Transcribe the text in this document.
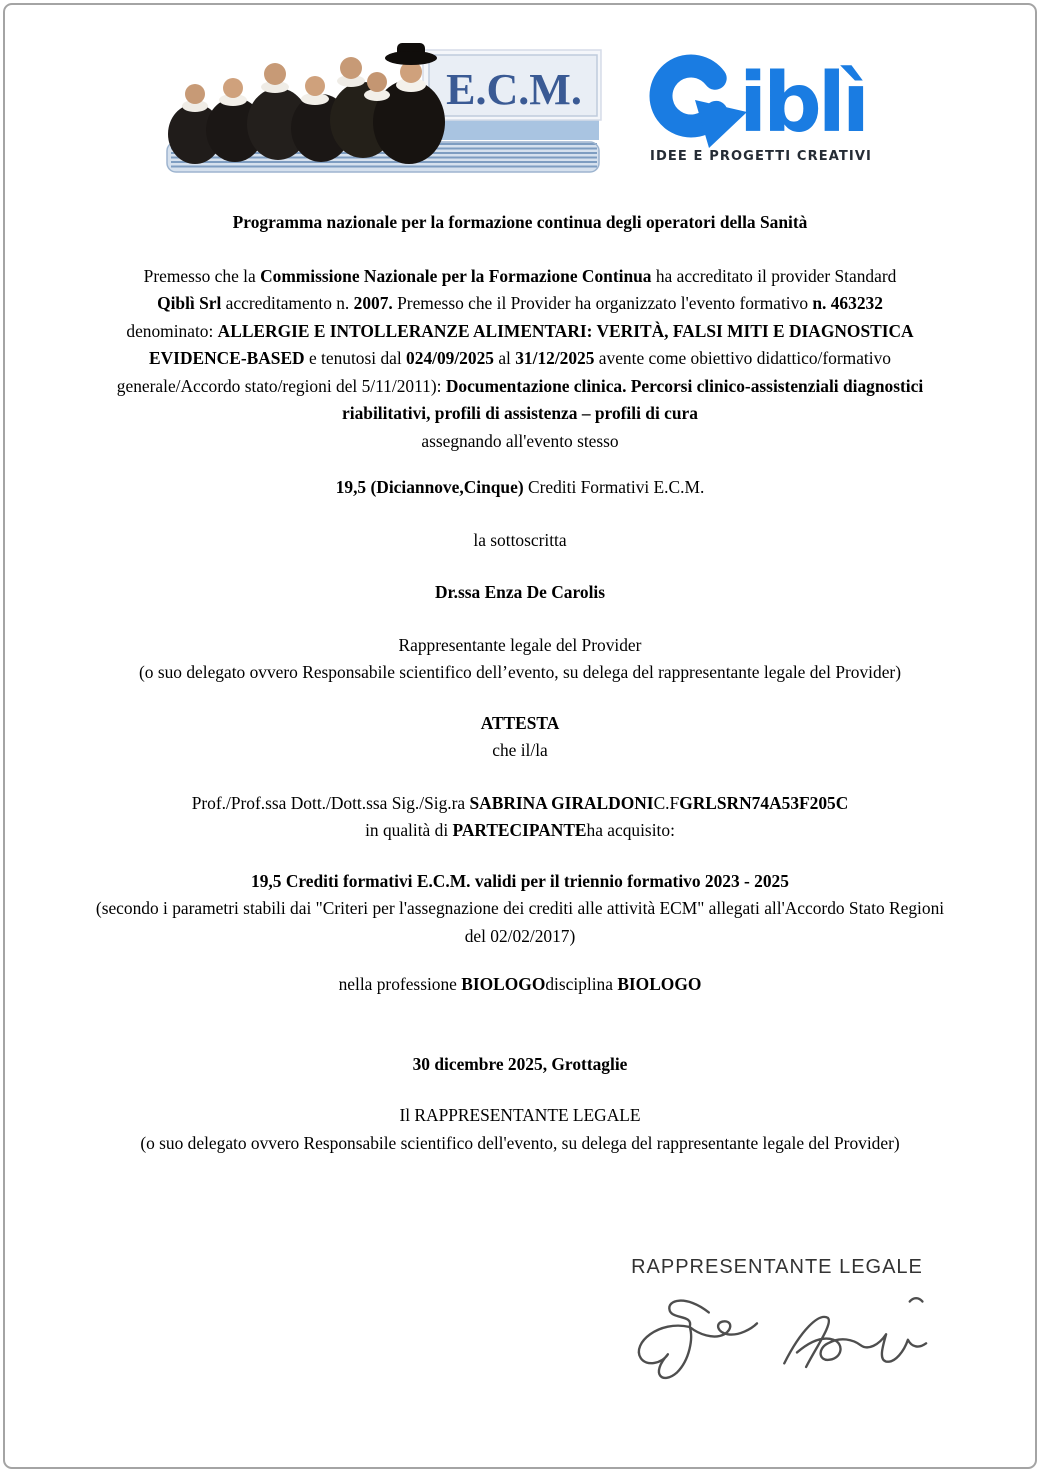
E.C.M. iblì
IDEE E PROGETTI CREATIVI

Programma nazionale per la formazione continua degli operatori della Sanità

Premesso che la Commissione Nazionale per la Formazione Continua ha accreditato il provider Standard

Qiblì Srl accreditamento n. 2007. Premesso che il Provider ha organizzato l'evento formativo n. 463232

denominato: ALLERGIE E INTOLLERANZE ALIMENTARI: VERITÀ, FALSI MITI E DIAGNOSTICA

EVIDENCE-BASED e tenutosi dal 024/09/2025 al 31/12/2025 avente come obiettivo didattico/formativo

generale/Accordo stato/regioni del 5/11/2011): Documentazione clinica. Percorsi clinico-assistenziali diagnostici

riabilitativi, profili di assistenza – profili di cura

assegnando all'evento stesso

19,5 (Diciannove,Cinque) Crediti Formativi E.C.M.

la sottoscritta

Dr.ssa Enza De Carolis

Rappresentante legale del Provider

(o suo delegato ovvero Responsabile scientifico dell’evento, su delega del rappresentante legale del Provider)

ATTESTA

che il/la

Prof./Prof.ssa Dott./Dott.ssa Sig./Sig.ra SABRINA GIRALDONIC.FGRLSRN74A53F205C

in qualità di PARTECIPANTEha acquisito:

19,5 Crediti formativi E.C.M. validi per il triennio formativo 2023 - 2025

(secondo i parametri stabili dai "Criteri per l'assegnazione dei crediti alle attività ECM" allegati all'Accordo Stato Regioni

del 02/02/2017)

nella professione BIOLOGOdisciplina BIOLOGO

30 dicembre 2025, Grottaglie

Il RAPPRESENTANTE LEGALE

(o suo delegato ovvero Responsabile scientifico dell'evento, su delega del rappresentante legale del Provider)

RAPPRESENTANTE LEGALE
